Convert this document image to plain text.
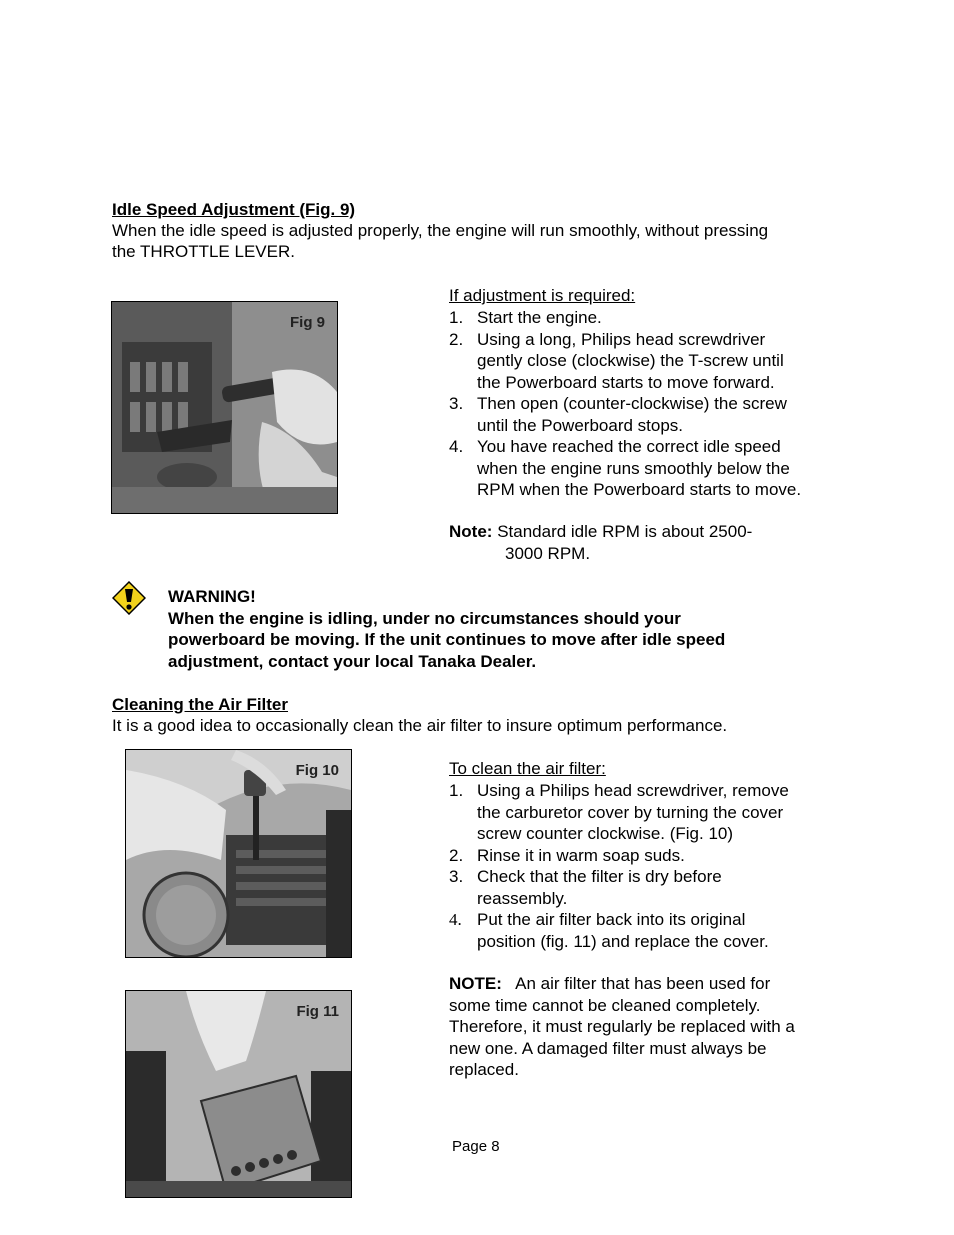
Idle Speed Adjustment (Fig. 9)
When the idle speed is adjusted properly, the engine will run smoothly, without pressing
the THROTTLE LEVER.
Fig 9
If adjustment is required:
1. Start the engine.
2. Using a long, Philips head screwdriver
gently close (clockwise) the T-screw until
the Powerboard starts to move forward.
3. Then open (counter-clockwise) the screw
until the Powerboard stops.
4. You have reached the correct idle speed
when the engine runs smoothly below the
RPM when the Powerboard starts to move.
Note: Standard idle RPM is about 2500-
3000 RPM.
WARNING!
When the engine is idling, under no circumstances should your
powerboard be moving. If the unit continues to move after idle speed
adjustment, contact your local Tanaka Dealer.
Cleaning the Air Filter
It is a good idea to occasionally clean the air filter to insure optimum performance.
Fig 10
Fig 11
To clean the air filter:
1. Using a Philips head screwdriver, remove
the carburetor cover by turning the cover
screw counter clockwise. (Fig. 10)
2. Rinse it in warm soap suds.
3. Check that the filter is dry before
reassembly.
4. Put the air filter back into its original
position (fig. 11) and replace the cover.
NOTE: An air filter that has been used for
some time cannot be cleaned completely.
Therefore, it must regularly be replaced with a
new one. A damaged filter must always be
replaced.
Page 8
